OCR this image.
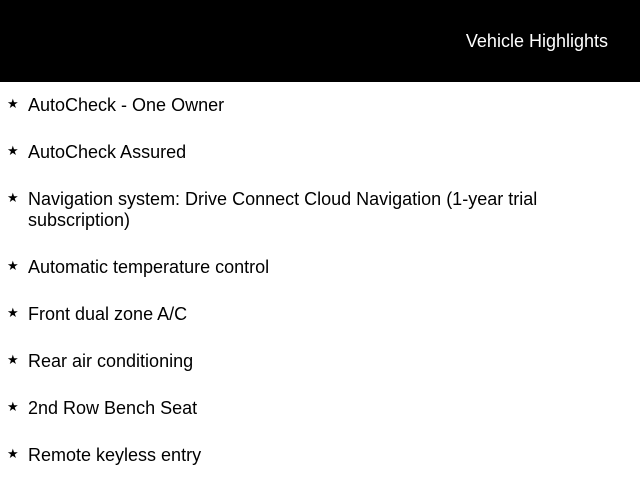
Vehicle Highlights
★ AutoCheck - One Owner
★ AutoCheck Assured
★ Navigation system: Drive Connect Cloud Navigation (1-year trial subscription)
★ Automatic temperature control
★ Front dual zone A/C
★ Rear air conditioning
★ 2nd Row Bench Seat
★ Remote keyless entry
